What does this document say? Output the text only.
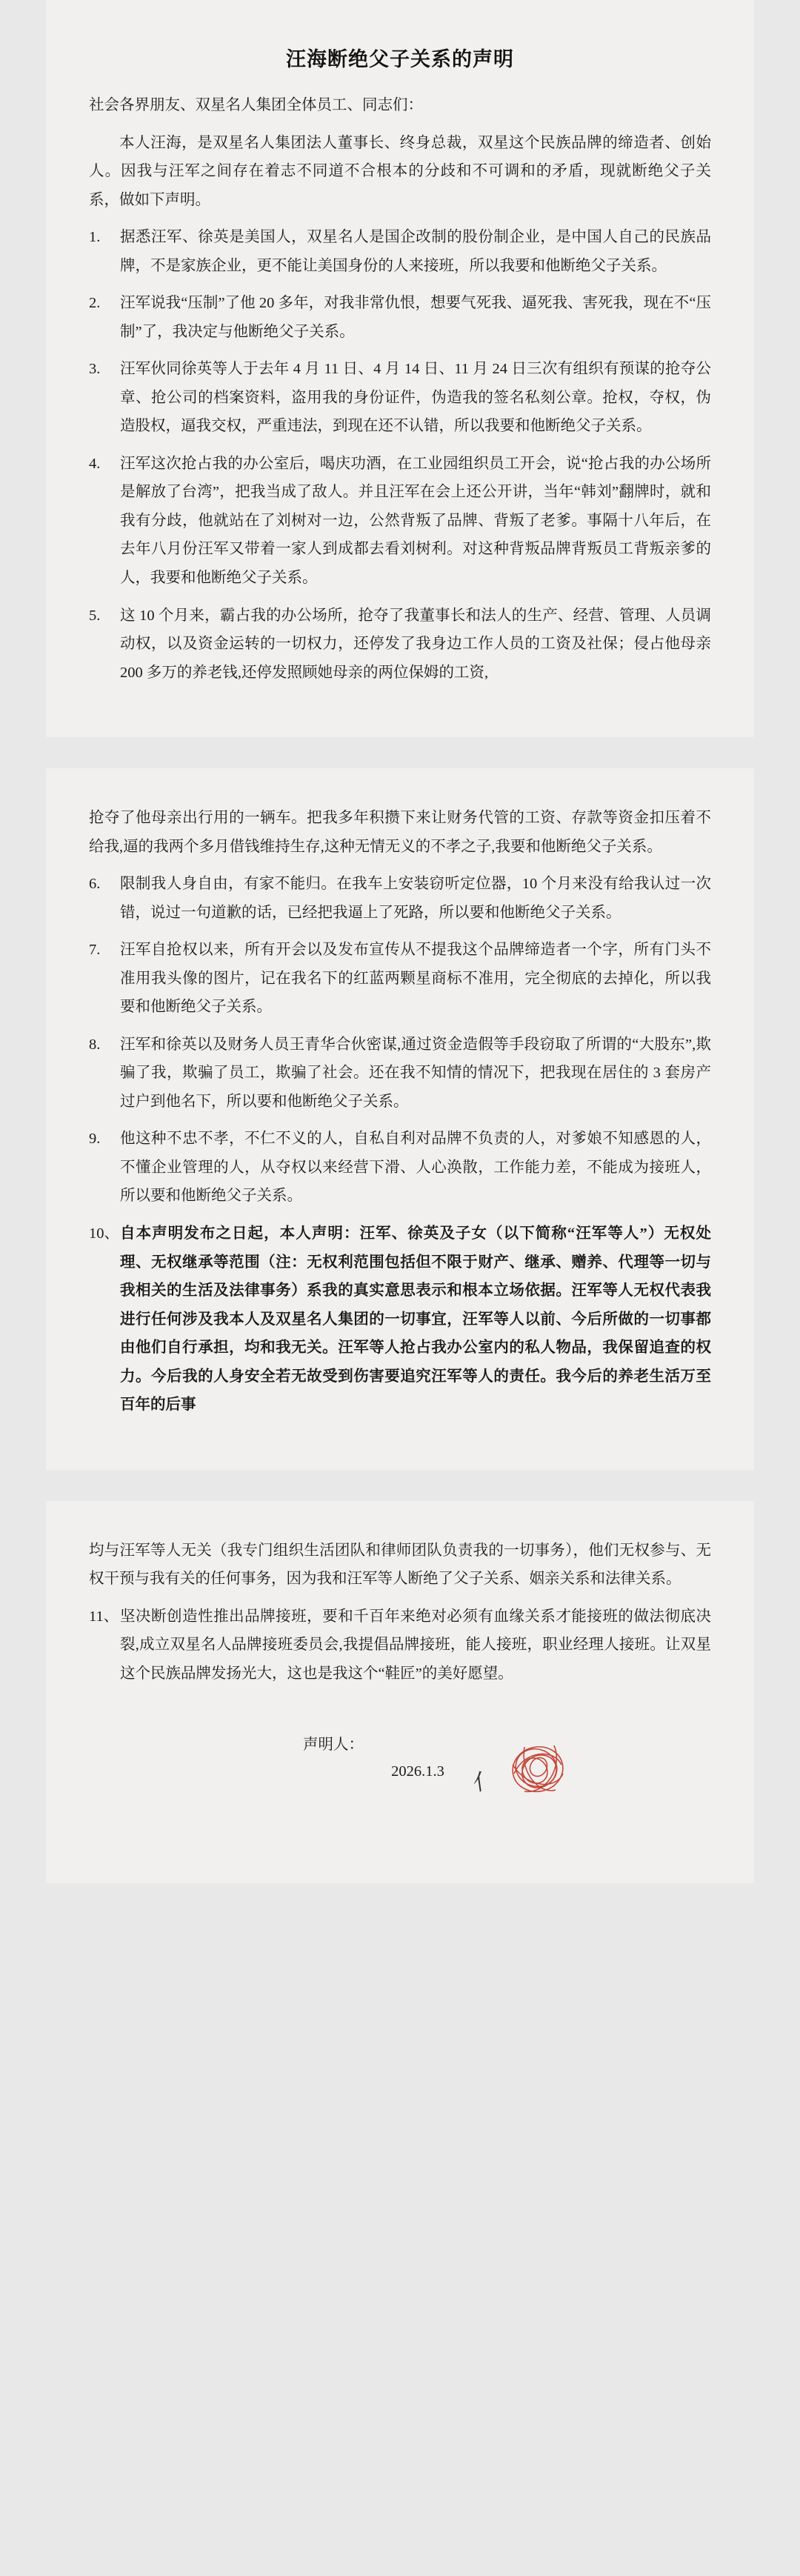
汪海断绝父子关系的声明

社会各界朋友、双星名人集团全体员工、同志们：

本人汪海，是双星名人集团法人董事长、终身总裁，双星这个民族品牌的缔造者、创始人。因我与汪军之间存在着志不同道不合根本的分歧和不可调和的矛盾，现就断绝父子关系，做如下声明。

1.	据悉汪军、徐英是美国人，双星名人是国企改制的股份制企业，是中国人自己的民族品牌，不是家族企业，更不能让美国身份的人来接班，所以我要和他断绝父子关系。
2.	汪军说我“压制”了他 20 多年，对我非常仇恨，想要气死我、逼死我、害死我，现在不“压制”了，我决定与他断绝父子关系。
3.	汪军伙同徐英等人于去年 4 月 11 日、4 月 14 日、11 月 24 日三次有组织有预谋的抢夺公章、抢公司的档案资料，盗用我的身份证件，伪造我的签名私刻公章。抢权，夺权，伪造股权，逼我交权，严重违法，到现在还不认错，所以我要和他断绝父子关系。
4.	汪军这次抢占我的办公室后，喝庆功酒，在工业园组织员工开会，说“抢占我的办公场所是解放了台湾”，把我当成了敌人。并且汪军在会上还公开讲，当年“韩刘”翻牌时，就和我有分歧，他就站在了刘树对一边，公然背叛了品牌、背叛了老爹。事隔十八年后，在去年八月份汪军又带着一家人到成都去看刘树利。对这种背叛品牌背叛员工背叛亲爹的人，我要和他断绝父子关系。
5.	这 10 个月来，霸占我的办公场所，抢夺了我董事长和法人的生产、经营、管理、人员调动权，以及资金运转的一切权力，还停发了我身边工作人员的工资及社保；侵占他母亲 200 多万的养老钱,还停发照顾她母亲的两位保姆的工资,

抢夺了他母亲出行用的一辆车。把我多年积攒下来让财务代管的工资、存款等资金扣压着不给我,逼的我两个多月借钱维持生存,这种无情无义的不孝之子,我要和他断绝父子关系。

6.	限制我人身自由，有家不能归。在我车上安装窃听定位器，10 个月来没有给我认过一次错，说过一句道歉的话，已经把我逼上了死路，所以要和他断绝父子关系。
7.	汪军自抢权以来，所有开会以及发布宣传从不提我这个品牌缔造者一个字，所有门头不准用我头像的图片，记在我名下的红蓝两颗星商标不准用，完全彻底的去掉化，所以我要和他断绝父子关系。
8.	汪军和徐英以及财务人员王青华合伙密谋,通过资金造假等手段窃取了所谓的“大股东”,欺骗了我，欺骗了员工，欺骗了社会。还在我不知情的情况下，把我现在居住的 3 套房产过户到他名下，所以要和他断绝父子关系。
9.	他这种不忠不孝，不仁不义的人，自私自利对品牌不负责的人，对爹娘不知感恩的人，不懂企业管理的人，从夺权以来经营下滑、人心涣散，工作能力差，不能成为接班人，所以要和他断绝父子关系。
10、 自本声明发布之日起，本人声明：汪军、徐英及子女（以下简称“汪军等人”）无权处理、无权继承等范围（注：无权利范围包括但不限于财产、继承、赠养、代理等一切与我相关的生活及法律事务）系我的真实意思表示和根本立场依据。汪军等人无权代表我进行任何涉及我本人及双星名人集团的一切事宜，汪军等人以前、今后所做的一切事都由他们自行承担，均和我无关。汪军等人抢占我办公室内的私人物品，我保留追查的权力。今后我的人身安全若无故受到伤害要追究汪军等人的责任。我今后的养老生活万至百年的后事

均与汪军等人无关（我专门组织生活团队和律师团队负责我的一切事务），他们无权参与、无权干预与我有关的任何事务，因为我和汪军等人断绝了父子关系、姻亲关系和法律关系。

11、 坚决断创造性推出品牌接班，要和千百年来绝对必须有血缘关系才能接班的做法彻底决裂,成立双星名人品牌接班委员会,我提倡品牌接班，能人接班，职业经理人接班。让双星这个民族品牌发扬光大，这也是我这个“鞋匠”的美好愿望。
亻
声明人：
2026.1.3
